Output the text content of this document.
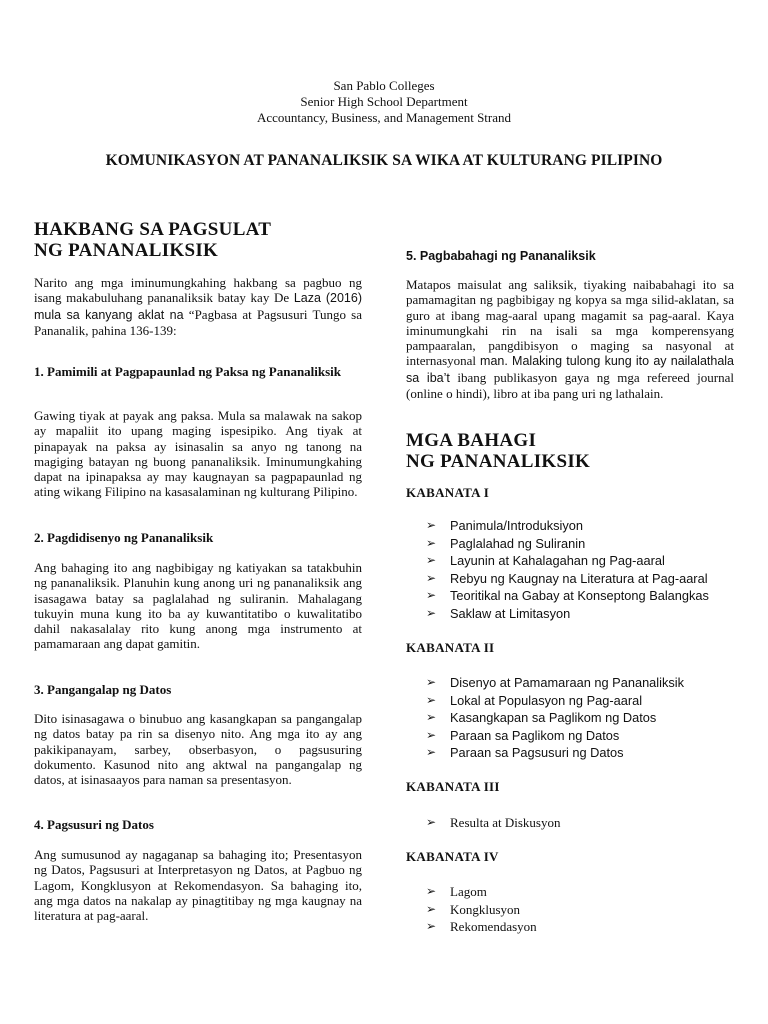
San Pablo Colleges
Senior High School Department
Accountancy, Business, and Management Strand
KOMUNIKASYON AT PANANALIKSIK SA WIKA AT KULTURANG PILIPINO
HAKBANG SA PAGSULAT
NG PANANALIKSIK
Narito ang mga iminumungkahing hakbang sa pagbuo ng isang makabuluhang pananaliksik batay kay De Laza (2016) mula sa kanyang aklat na “Pagbasa at Pagsusuri Tungo sa Pananalik, pahina 136-139:
1. Pamimili at Pagpapaunlad ng Paksa ng Pananaliksik
Gawing tiyak at payak ang paksa. Mula sa malawak na sakop ay mapaliit ito upang maging ispesipiko. Ang tiyak at pinapayak na paksa ay isinasalin sa anyo ng tanong na magiging batayan ng buong pananaliksik. Iminumungkahing dapat na ipinapaksa ay may kaugnayan sa pagpapaunlad ng ating wikang Filipino na kasasalaminan ng kulturang Pilipino.
2. Pagdidisenyo ng Pananaliksik
Ang bahaging ito ang nagbibigay ng katiyakan sa tatakbuhin ng pananaliksik. Planuhin kung anong uri ng pananaliksik ang isasagawa batay sa paglalahad ng suliranin. Mahalagang tukuyin muna kung ito ba ay kuwantitatibo o kuwalitatibo dahil nakasalalay rito kung anong mga instrumento at pamamaraan ang dapat gamitin.
3. Pangangalap ng Datos
Dito isinasagawa o binubuo ang kasangkapan sa pangangalap ng datos batay pa rin sa disenyo nito. Ang mga ito ay ang pakikipanayam, sarbey, obserbasyon, o pagsusuring dokumento. Kasunod nito ang aktwal na pangangalap ng datos, at isinasaayos para naman sa presentasyon.
4. Pagsusuri ng Datos
Ang sumusunod ay nagaganap sa bahaging ito; Presentasyon ng Datos, Pagsusuri at Interpretasyon ng Datos, at Pagbuo ng Lagom, Kongklusyon at Rekomendasyon. Sa bahaging ito, ang mga datos na nakalap ay pinagtitibay ng mga kaugnay na literatura at pag-aaral.
5. Pagbabahagi ng Pananaliksik
Matapos maisulat ang saliksik, tiyaking naibabahagi ito sa pamamagitan ng pagbibigay ng kopya sa mga silid-aklatan, sa guro at ibang mag-aaral upang magamit sa pag-aaral. Kaya iminumungkahi rin na isali sa mga komperensyang pampaaralan, pangdibisyon o maging sa nasyonal at internasyonal man. Malaking tulong kung ito ay nailalathala sa iba’t ibang publikasyon gaya ng mga refereed journal (online o hindi), libro at iba pang uri ng lathalain.
MGA BAHAGI
NG PANANALIKSIK
KABANATA I
➢ Panimula/Introduksiyon
➢ Paglalahad ng Suliranin
➢ Layunin at Kahalagahan ng Pag-aaral
➢ Rebyu ng Kaugnay na Literatura at Pag-aaral
➢ Teoritikal na Gabay at Konseptong Balangkas
➢ Saklaw at Limitasyon
KABANATA II
➢ Disenyo at Pamamaraan ng Pananaliksik
➢ Lokal at Populasyon ng Pag-aaral
➢ Kasangkapan sa Paglikom ng Datos
➢ Paraan sa Paglikom ng Datos
➢ Paraan sa Pagsusuri ng Datos
KABANATA III
➢ Resulta at Diskusyon
KABANATA IV
➢ Lagom
➢ Kongklusyon
➢ Rekomendasyon
